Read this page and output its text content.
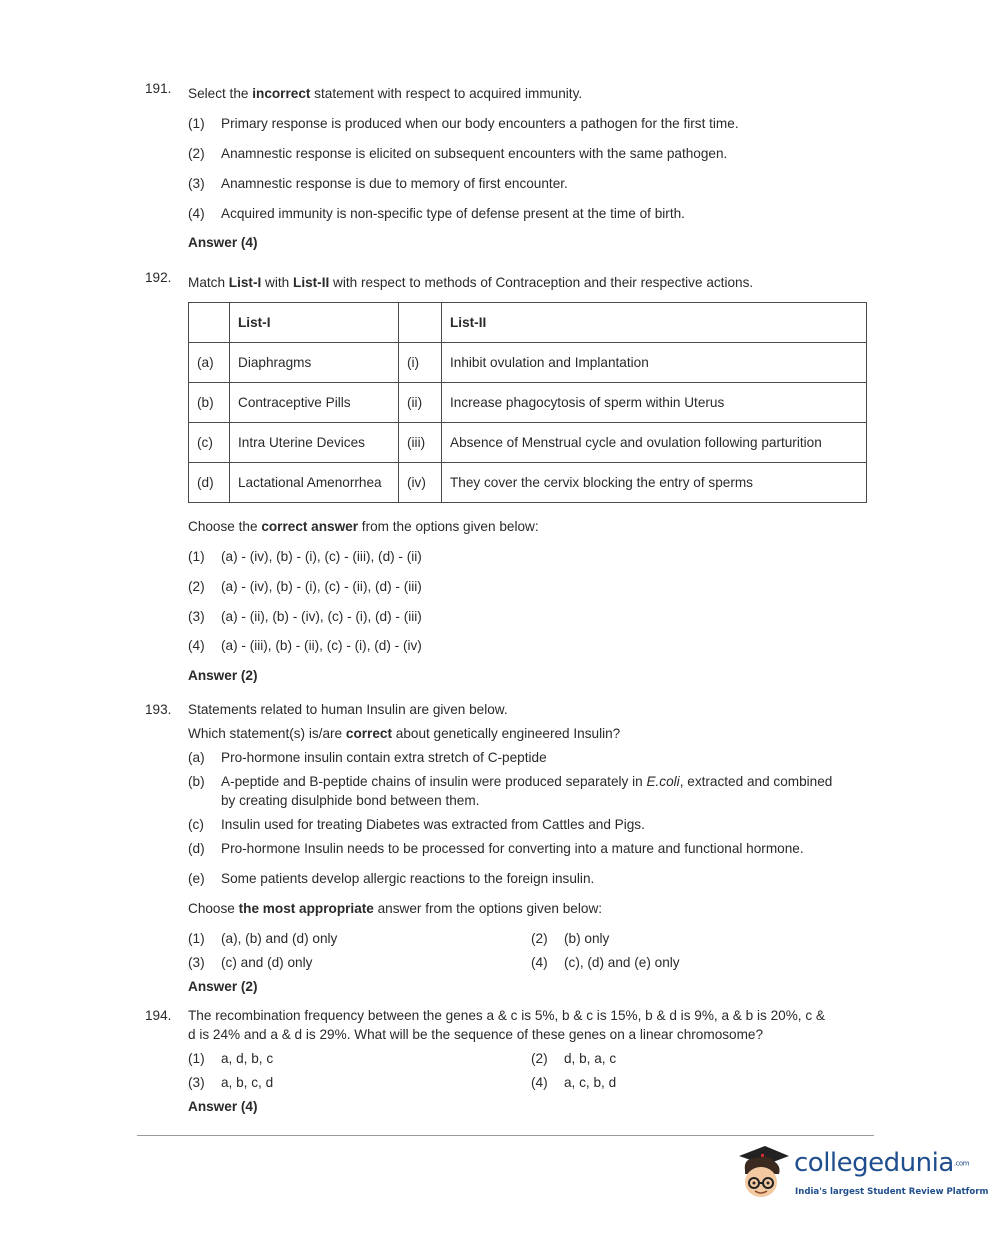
191. Select the incorrect statement with respect to acquired immunity.
(1) Primary response is produced when our body encounters a pathogen for the first time.
(2) Anamnestic response is elicited on subsequent encounters with the same pathogen.
(3) Anamnestic response is due to memory of first encounter.
(4) Acquired immunity is non-specific type of defense present at the time of birth.
Answer (4)
192. Match List-I with List-II with respect to methods of Contraception and their respective actions.
	List-I		List-II
(a)	Diaphragms	(i)	Inhibit ovulation and Implantation
(b)	Contraceptive Pills	(ii)	Increase phagocytosis of sperm within Uterus
(c)	Intra Uterine Devices	(iii)	Absence of Menstrual cycle and ovulation following parturition
(d)	Lactational Amenorrhea	(iv)	They cover the cervix blocking the entry of sperms
Choose the correct answer from the options given below:
(1) (a) - (iv), (b) - (i), (c) - (iii), (d) - (ii)
(2) (a) - (iv), (b) - (i), (c) - (ii), (d) - (iii)
(3) (a) - (ii), (b) - (iv), (c) - (i), (d) - (iii)
(4) (a) - (iii), (b) - (ii), (c) - (i), (d) - (iv)
Answer (2)
193. Statements related to human Insulin are given below.
Which statement(s) is/are correct about genetically engineered Insulin?
(a) Pro-hormone insulin contain extra stretch of C-peptide
(b) A-peptide and B-peptide chains of insulin were produced separately in E.coli, extracted and combined
by creating disulphide bond between them.
(c) Insulin used for treating Diabetes was extracted from Cattles and Pigs.
(d) Pro-hormone Insulin needs to be processed for converting into a mature and functional hormone.
(e) Some patients develop allergic reactions to the foreign insulin.
Choose the most appropriate answer from the options given below:
(1) (a), (b) and (d) only	(2) (b) only
(3) (c) and (d) only	(4) (c), (d) and (e) only
Answer (2)
194. The recombination frequency between the genes a & c is 5%, b & c is 15%, b & d is 9%, a & b is 20%, c &
d is 24% and a & d is 29%. What will be the sequence of these genes on a linear chromosome?
(1) a, d, b, c	(2) d, b, a, c
(3) a, b, c, d	(4) a, c, b, d
Answer (4)
collegedunia.com
India's largest Student Review Platform
